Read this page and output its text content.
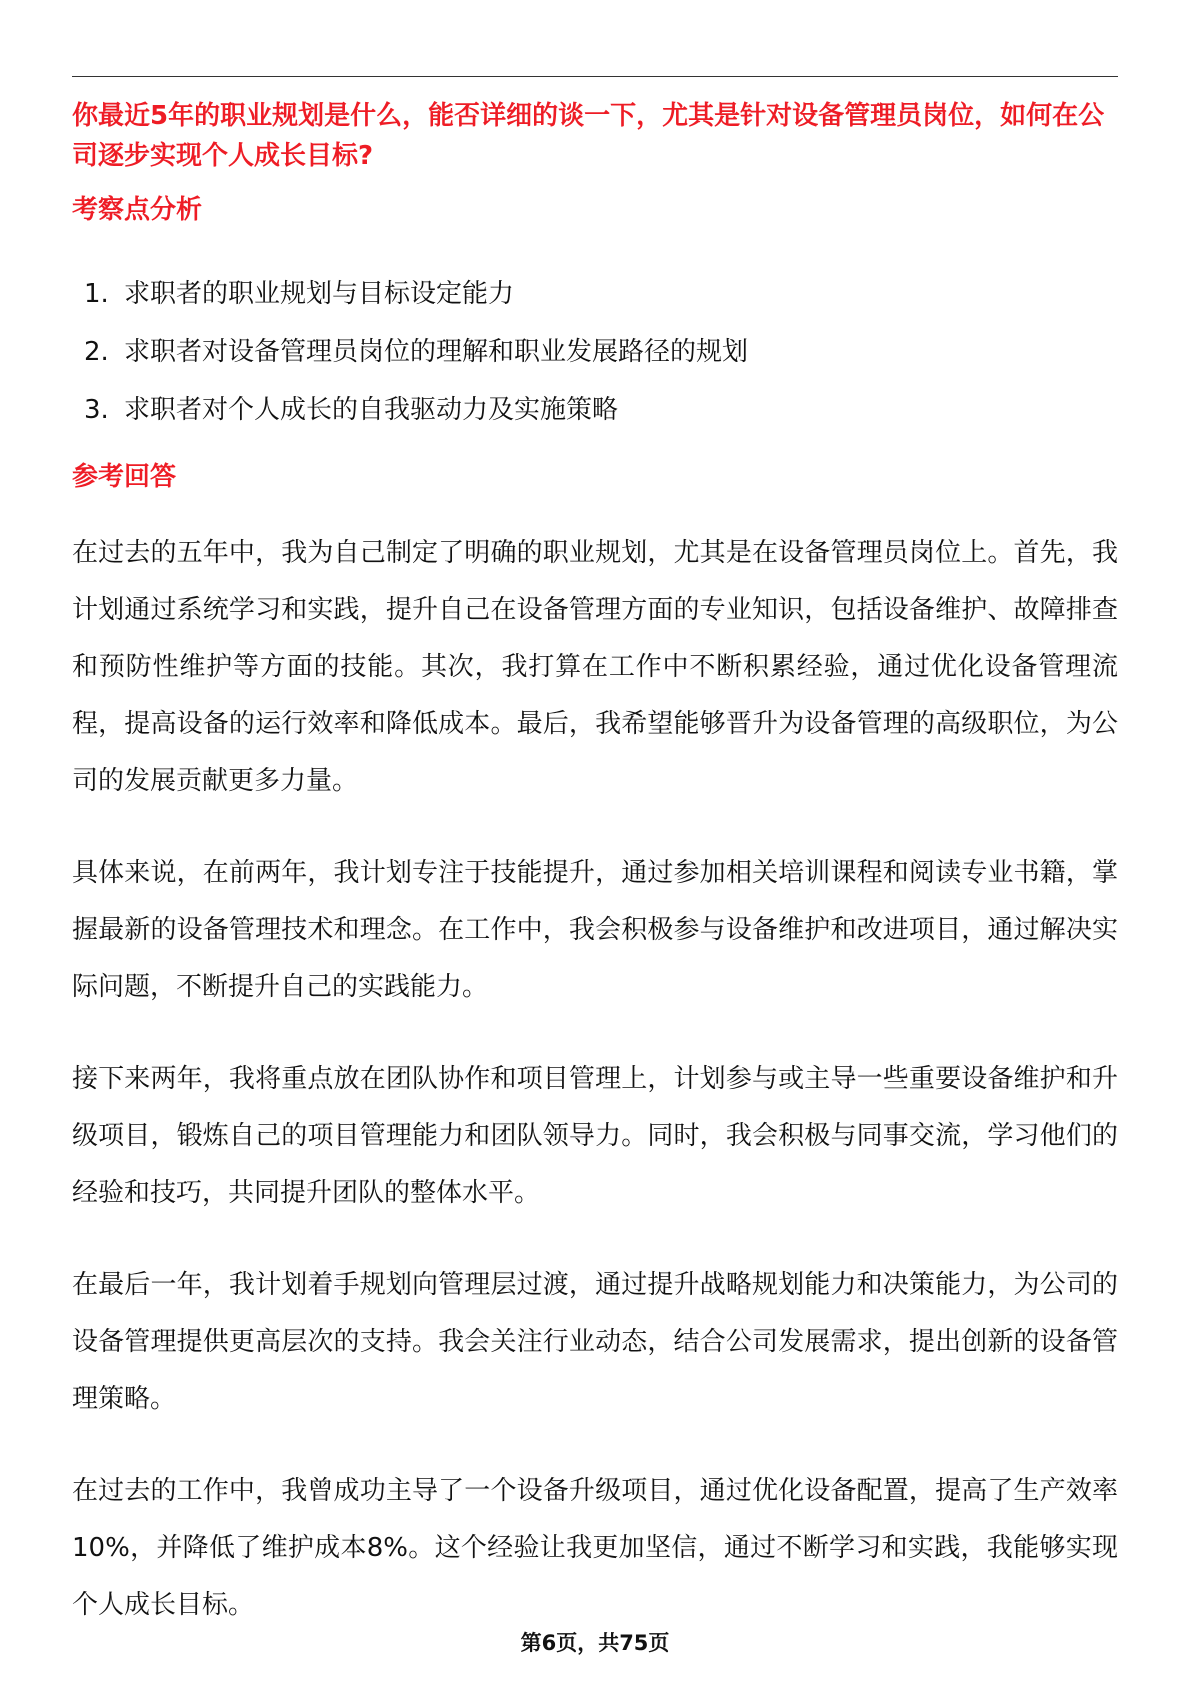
你最近5年的职业规划是什么，能否详细的谈一下，尤其是针对设备管理员岗位，如何在公司逐步实现个人成长目标?

考察点分析
1. 求职者的职业规划与目标设定能力
2. 求职者对设备管理员岗位的理解和职业发展路径的规划
3. 求职者对个人成长的自我驱动力及实施策略
参考回答

在过去的五年中，我为自己制定了明确的职业规划，尤其是在设备管理员岗位上。首先，我计划通过系统学习和实践，提升自己在设备管理方面的专业知识，包括设备维护、故障排查和预防性维护等方面的技能。其次，我打算在工作中不断积累经验，通过优化设备管理流程，提高设备的运行效率和降低成本。最后，我希望能够晋升为设备管理的高级职位，为公司的发展贡献更多力量。

具体来说，在前两年，我计划专注于技能提升，通过参加相关培训课程和阅读专业书籍，掌握最新的设备管理技术和理念。在工作中，我会积极参与设备维护和改进项目，通过解决实际问题，不断提升自己的实践能力。

接下来两年，我将重点放在团队协作和项目管理上，计划参与或主导一些重要设备维护和升级项目，锻炼自己的项目管理能力和团队领导力。同时，我会积极与同事交流，学习他们的经验和技巧，共同提升团队的整体水平。

在最后一年，我计划着手规划向管理层过渡，通过提升战略规划能力和决策能力，为公司的设备管理提供更高层次的支持。我会关注行业动态，结合公司发展需求，提出创新的设备管理策略。

在过去的工作中，我曾成功主导了一个设备升级项目，通过优化设备配置，提高了生产效率10%，并降低了维护成本8%。这个经验让我更加坚信，通过不断学习和实践，我能够实现个人成长目标。

第6页，共75页
